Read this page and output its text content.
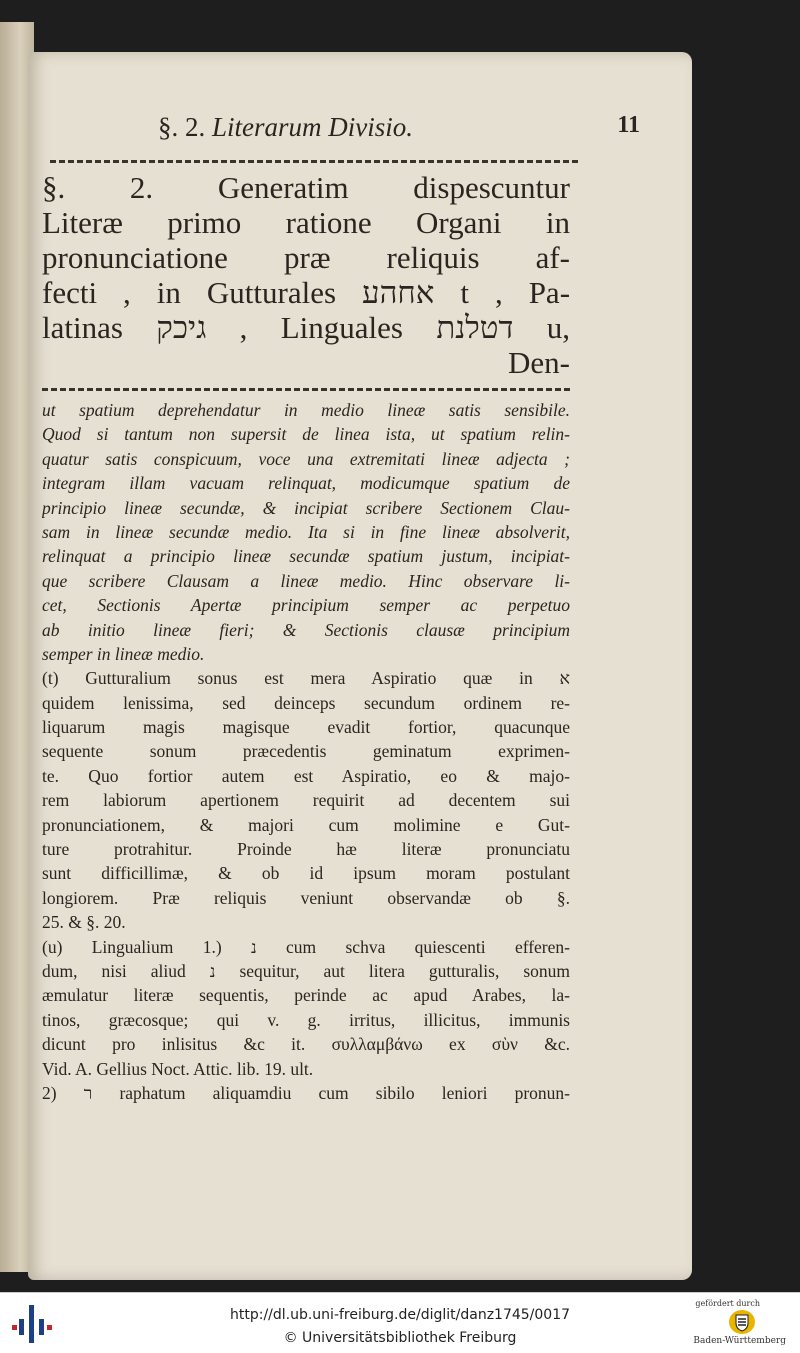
§. 2. Literarum Divisio.	11
§. 2. Generatim dispescuntur
Literæ primo ratione Organi in
pronunciatione præ reliquis af-
fecti , in Gutturales אחהע t , Pa-
latinas גיכק , Linguales דטלנת u,
Den-
ut spatium deprehendatur in medio lineæ satis sensibile.
Quod si tantum non supersit de linea ista, ut spatium relin-
quatur satis conspicuum, voce una extremitati lineæ adjecta ;
integram illam vacuam relinquat, modicumque spatium de
principio lineæ secundæ, & incipiat scribere Sectionem Clau-
sam in lineæ secundæ medio. Ita si in fine lineæ absolverit,
relinquat a principio lineæ secundæ spatium justum, incipiat-
que scribere Clausam a lineæ medio. Hinc observare li-
cet, Sectionis Apertæ principium semper ac perpetuo
ab initio lineæ fieri; & Sectionis clausæ principium
semper in lineæ medio.
(t) Gutturalium sonus est mera Aspiratio quæ in א
quidem lenissima, sed deinceps secundum ordinem re-
liquarum magis magisque evadit fortior, quacunque
sequente sonum præcedentis geminatum exprimen-
te. Quo fortior autem est Aspiratio, eo & majo-
rem labiorum apertionem requirit ad decentem sui
pronunciationem, & majori cum molimine e Gut-
ture protrahitur. Proinde hæ literæ pronunciatu
sunt difficillimæ, & ob id ipsum moram postulant
longiorem. Præ reliquis veniunt observandæ ob §.
25. & §. 20.
(u) Lingualium 1.) נ cum schva quiescenti efferen-
dum, nisi aliud נ sequitur, aut litera gutturalis, sonum
æmulatur literæ sequentis, perinde ac apud Arabes, la-
tinos, græcosque; qui v. g. irritus, illicitus, immunis
dicunt pro inlisitus &c it. συλλαμβάνω ex σὺν &c.
Vid. A. Gellius Noct. Attic. lib. 19. ult.
2) ר raphatum aliquamdiu cum sibilo leniori pronun-
http://dl.ub.uni-freiburg.de/diglit/danz1745/0017
© Universitätsbibliothek Freiburg
gefördert durch
Baden-Württemberg
